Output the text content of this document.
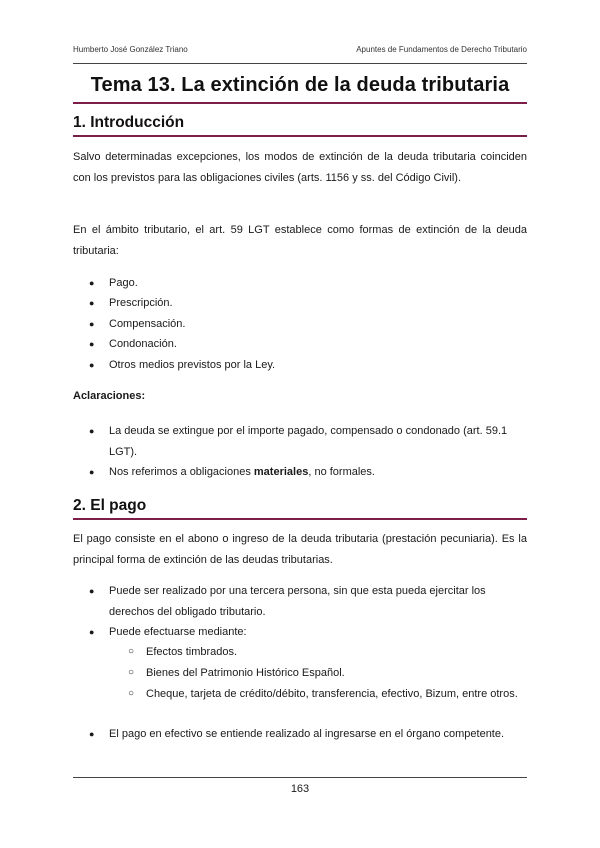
Humberto José González Triano	Apuntes de Fundamentos de Derecho Tributario
Tema 13. La extinción de la deuda tributaria
1. Introducción

Salvo determinadas excepciones, los modos de extinción de la deuda tributaria coinciden con los previstos para las obligaciones civiles (arts. 1156 y ss. del Código Civil).

En el ámbito tributario, el art. 59 LGT establece como formas de extinción de la deuda tributaria:

● Pago.

● Prescripción.

● Compensación.

● Condonación.

● Otros medios previstos por la Ley.

Aclaraciones:
● La deuda se extingue por el importe pagado, compensado o condonado (art. 59.1 LGT).

● Nos referimos a obligaciones materiales, no formales.

2. El pago

El pago consiste en el abono o ingreso de la deuda tributaria (prestación pecuniaria). Es la principal forma de extinción de las deudas tributarias.

● Puede ser realizado por una tercera persona, sin que esta pueda ejercitar los derechos del obligado tributario.

● Puede efectuarse mediante:

○ Efectos timbrados.

○ Bienes del Patrimonio Histórico Español.

○ Cheque, tarjeta de crédito/débito, transferencia, efectivo, Bizum, entre otros.

● El pago en efectivo se entiende realizado al ingresarse en el órgano competente.

163
